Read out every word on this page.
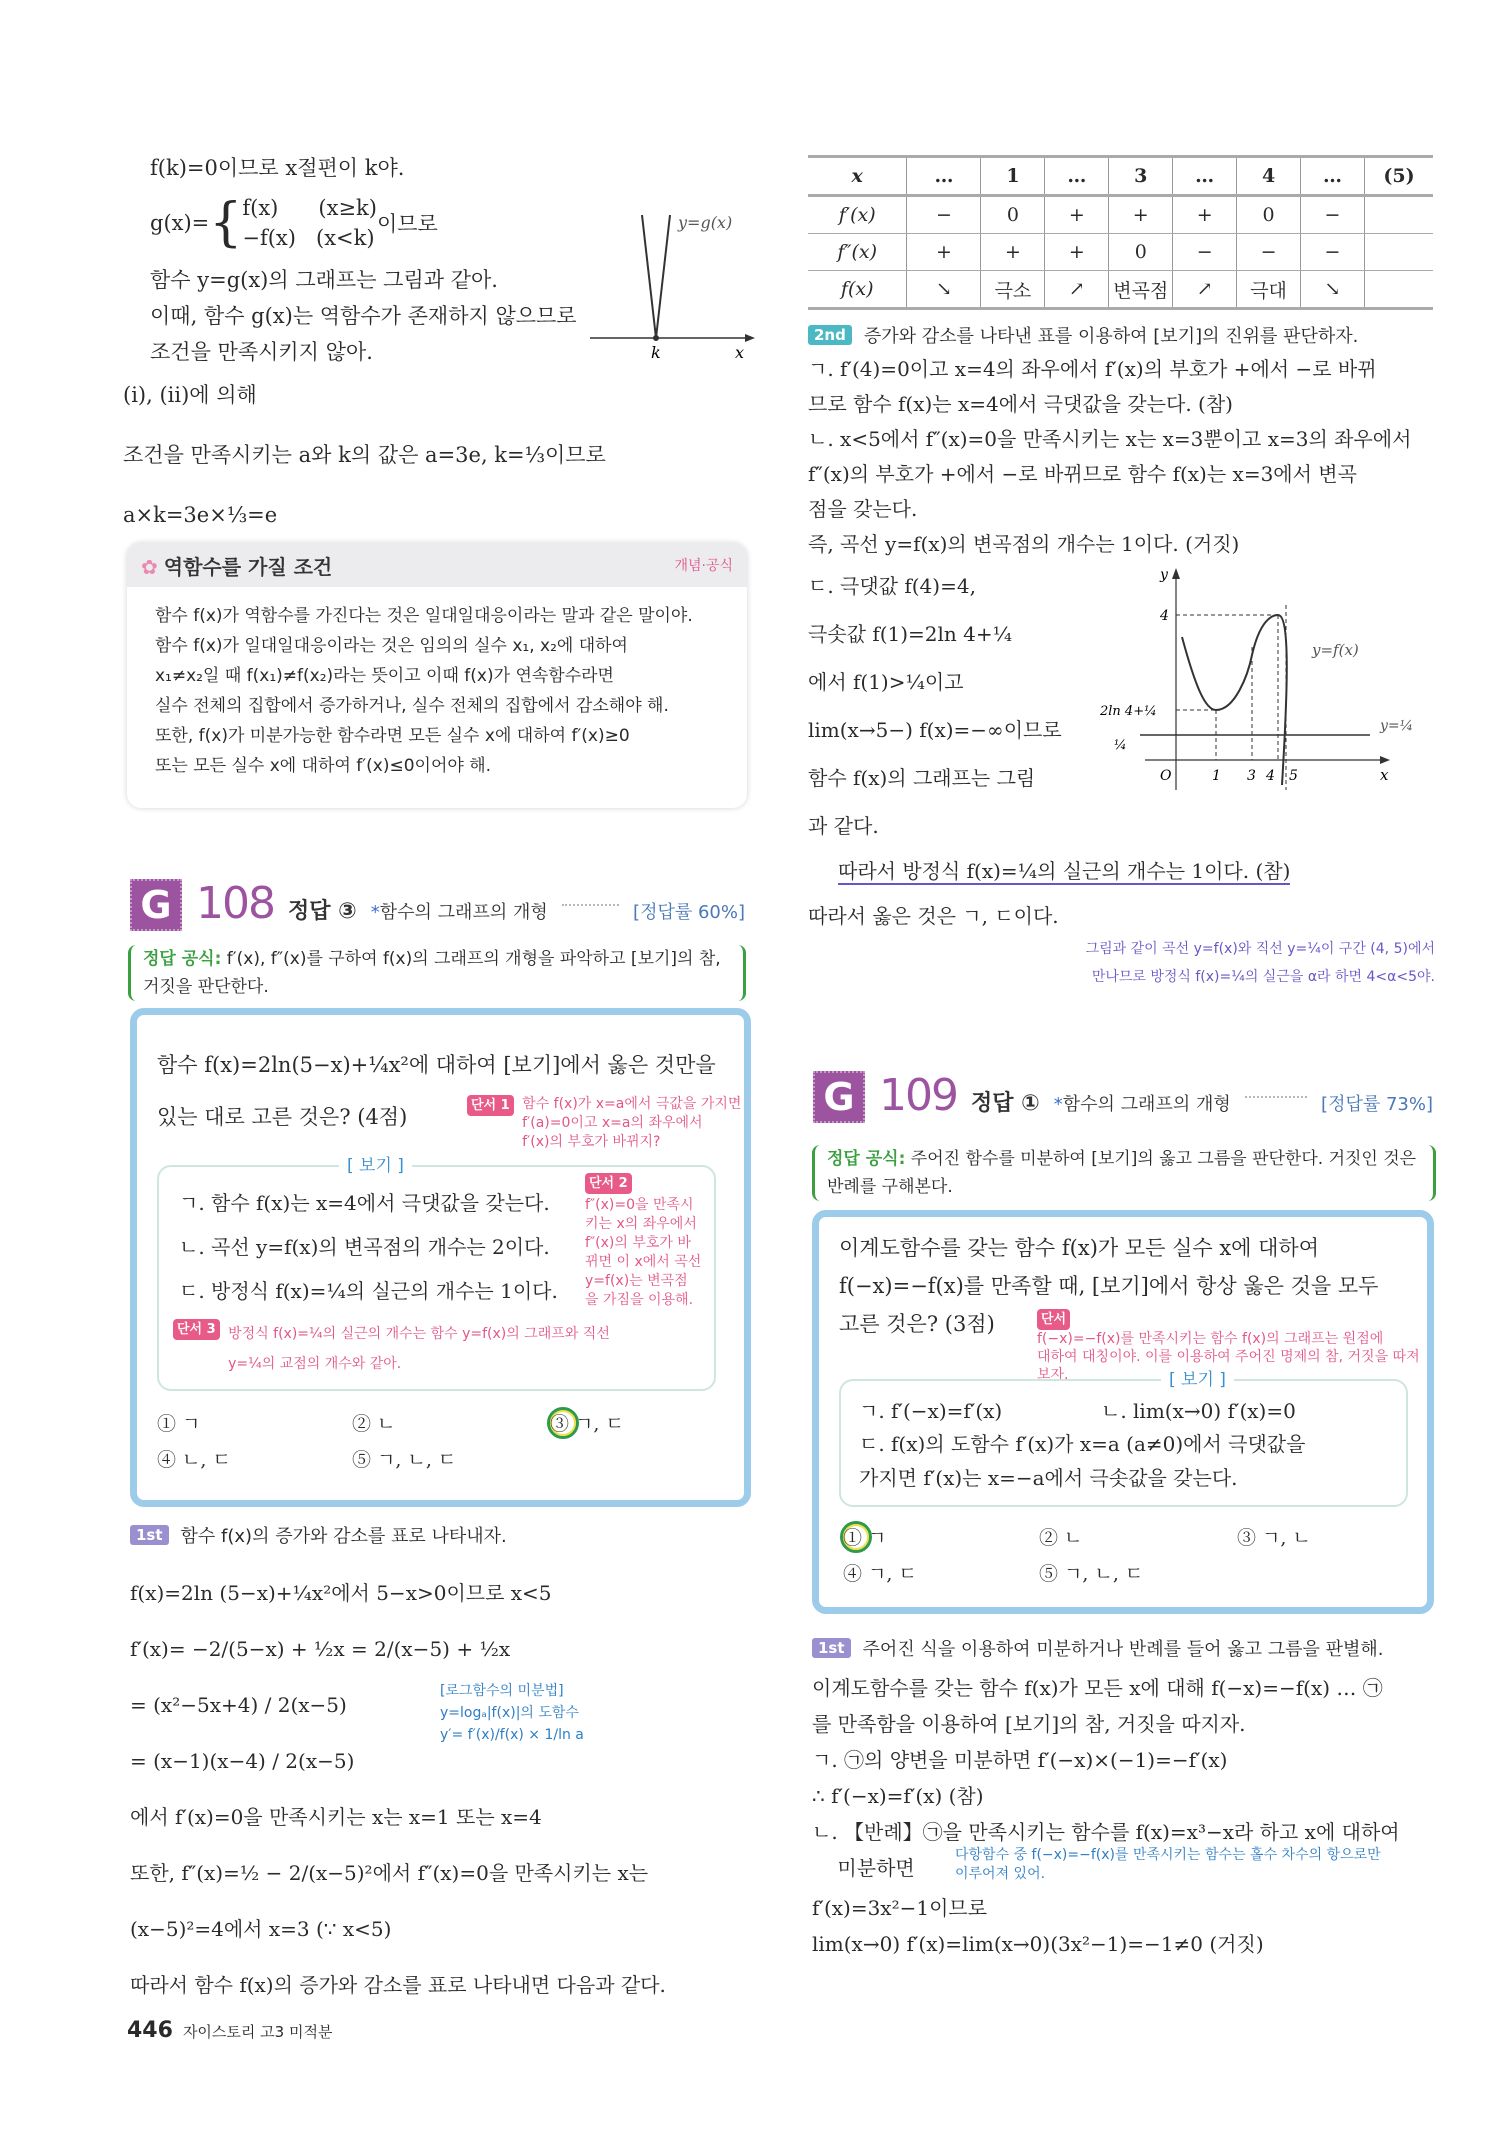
f(k)=0이므로 x절편이 k야.
g(x)= { f(x)      (x≥k)
−f(x)   (x<k)
이므로
함수 y=g(x)의 그래프는 그림과 같아.
이때, 함수 g(x)는 역함수가 존재하지 않으므로
조건을 만족시키지 않아.
y=g(x)
k	x
(i), (ii)에 의해
조건을 만족시키는 a와 k의 값은 a=3e, k=⅓이므로
a×k=3e×⅓=e
✿ 역함수를 가질 조건	개념·공식
함수 f(x)가 역함수를 가진다는 것은 일대일대응이라는 말과 같은 말이야.
함수 f(x)가 일대일대응이라는 것은 임의의 실수 x₁, x₂에 대하여
x₁≠x₂일 때 f(x₁)≠f(x₂)라는 뜻이고 이때 f(x)가 연속함수라면
실수 전체의 집합에서 증가하거나, 실수 전체의 집합에서 감소해야 해.
또한, f(x)가 미분가능한 함수라면 모든 실수 x에 대하여 f′(x)≥0
또는 모든 실수 x에 대하여 f′(x)≤0이어야 해.
G 108 정답 ③ *함수의 그래프의 개형	[정답률 60%]
정답 공식: f′(x), f″(x)를 구하여 f(x)의 그래프의 개형을 파악하고 [보기]의 참, 거짓을 판단한다.
함수 f(x)=2ln(5−x)+¼x²에 대하여 [보기]에서 옳은 것만을
있는 대로 고른 것은? (4점)	단서 1 함수 f(x)가 x=a에서 극값을 가지면
f′(a)=0이고 x=a의 좌우에서
f′(x)의 부호가 바뀌지?
[ 보기 ]
ㄱ. 함수 f(x)는 x=4에서 극댓값을 갖는다.
ㄴ. 곡선 y=f(x)의 변곡점의 개수는 2이다.
ㄷ. 방정식 f(x)=¼의 실근의 개수는 1이다.
단서 3 방정식 f(x)=¼의 실근의 개수는 함수 y=f(x)의 그래프와 직선
y=¼의 교점의 개수와 같아.
단서 2
f″(x)=0을 만족시
키는 x의 좌우에서
f″(x)의 부호가 바
뀌면 이 x에서 곡선
y=f(x)는 변곡점
을 가짐을 이용해.
① ㄱ	② ㄴ	③ ㄱ, ㄷ
④ ㄴ, ㄷ	⑤ ㄱ, ㄴ, ㄷ
1st	함수 f(x)의 증가와 감소를 표로 나타내자.
f(x)=2ln (5−x)+¼x²에서 5−x>0이므로 x<5
f′(x)= −2/(5−x) + ½x = 2/(x−5) + ½x
= (x²−5x+4) / 2(x−5)
= (x−1)(x−4) / 2(x−5)
에서 f′(x)=0을 만족시키는 x는 x=1 또는 x=4
또한, f″(x)=½ − 2/(x−5)²에서 f″(x)=0을 만족시키는 x는
(x−5)²=4에서 x=3 (∵ x<5)
따라서 함수 f(x)의 증가와 감소를 표로 나타내면 다음과 같다.
[로그함수의 미분법]
y=logₐ|f(x)|의 도함수
y′= f′(x)/f(x) × 1/ln a
446 자이스토리 고3 미적분
x	…	1	…	3	…	4	…	(5)
f′(x)	−	0	+	+	+	0	−	
f″(x)	+	+	+	0	−	−	−	
f(x)	↘	극소	↗	변곡점	↗	극대	↘	
2nd	증가와 감소를 나타낸 표를 이용하여 [보기]의 진위를 판단하자.
ㄱ. f′(4)=0이고 x=4의 좌우에서 f′(x)의 부호가 +에서 −로 바뀌
므로 함수 f(x)는 x=4에서 극댓값을 갖는다. (참)
ㄴ. x<5에서 f″(x)=0을 만족시키는 x는 x=3뿐이고 x=3의 좌우에서
f″(x)의 부호가 +에서 −로 바뀌므로 함수 f(x)는 x=3에서 변곡
점을 갖는다.
즉, 곡선 y=f(x)의 변곡점의 개수는 1이다. (거짓)
ㄷ. 극댓값 f(4)=4,
극솟값 f(1)=2ln 4+¼
에서 f(1)>¼이고
lim(x→5−) f(x)=−∞이므로
함수 f(x)의 그래프는 그림
과 같다.
y
x
O
4
2ln 4+¼
¼
1 3 4 5
y=f(x)
y=¼
따라서 방정식 f(x)=¼의 실근의 개수는 1이다. (참)
따라서 옳은 것은 ㄱ, ㄷ이다.
그림과 같이 곡선 y=f(x)와 직선 y=¼이 구간 (4, 5)에서
만나므로 방정식 f(x)=¼의 실근을 α라 하면 4<α<5야.
G 109 정답 ① *함수의 그래프의 개형	[정답률 73%]
정답 공식: 주어진 함수를 미분하여 [보기]의 옳고 그름을 판단한다. 거짓인 것은 반례를 구해본다.
이계도함수를 갖는 함수 f(x)가 모든 실수 x에 대하여
f(−x)=−f(x)를 만족할 때, [보기]에서 항상 옳은 것을 모두
고른 것은? (3점)	단서
f(−x)=−f(x)를 만족시키는 함수 f(x)의 그래프는 원점에
대하여 대칭이야. 이를 이용하여 주어진 명제의 참, 거짓을 따져
보자.	[ 보기 ]
ㄱ. f′(−x)=f′(x)	ㄴ. lim(x→0) f′(x)=0
ㄷ. f(x)의 도함수 f′(x)가 x=a (a≠0)에서 극댓값을
가지면 f′(x)는 x=−a에서 극솟값을 갖는다.
① ㄱ	② ㄴ	③ ㄱ, ㄴ
④ ㄱ, ㄷ	⑤ ㄱ, ㄴ, ㄷ
1st	주어진 식을 이용하여 미분하거나 반례를 들어 옳고 그름을 판별해.
이계도함수를 갖는 함수 f(x)가 모든 x에 대해 f(−x)=−f(x) … ㉠
를 만족함을 이용하여 [보기]의 참, 거짓을 따지자.
ㄱ. ㉠의 양변을 미분하면 f′(−x)×(−1)=−f′(x)
∴ f′(−x)=f′(x) (참)
ㄴ. 【반례】㉠을 만족시키는 함수를 f(x)=x³−x라 하고 x에 대하여
미분하면
다항함수 중 f(−x)=−f(x)를 만족시키는 함수는 홀수 차수의 항으로만
이루어져 있어.
f′(x)=3x²−1이므로
lim(x→0) f′(x)=lim(x→0)(3x²−1)=−1≠0 (거짓)
